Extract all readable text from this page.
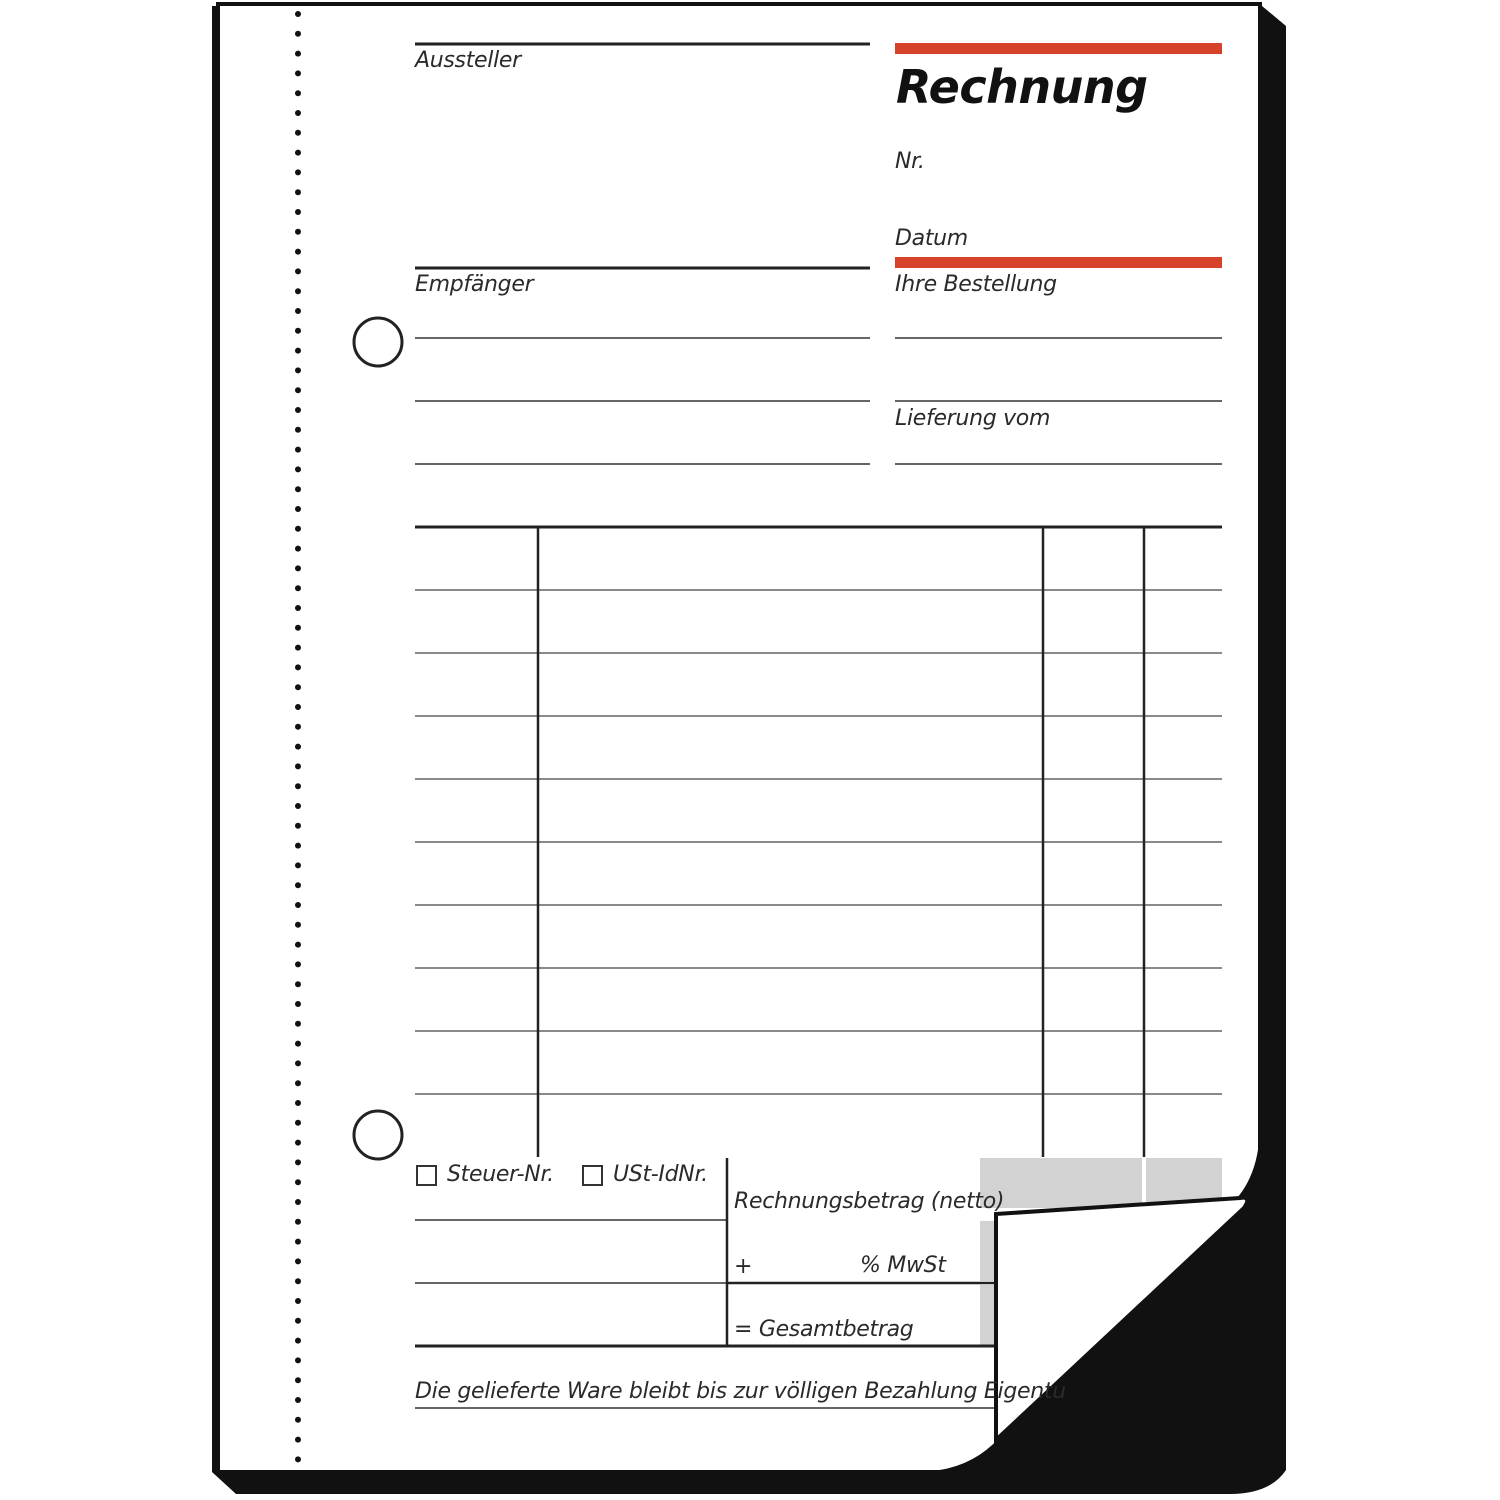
Aussteller	Rechnung
Nr.
Datum
Empfänger	Ihre Bestellung
Lieferung vom
Steuer-Nr.	USt-IdNr.
Rechnungsbetrag (netto)
+	% MwSt
= Gesamtbetrag
Die gelieferte Ware bleibt bis zur völligen Bezahlung Eigentu
